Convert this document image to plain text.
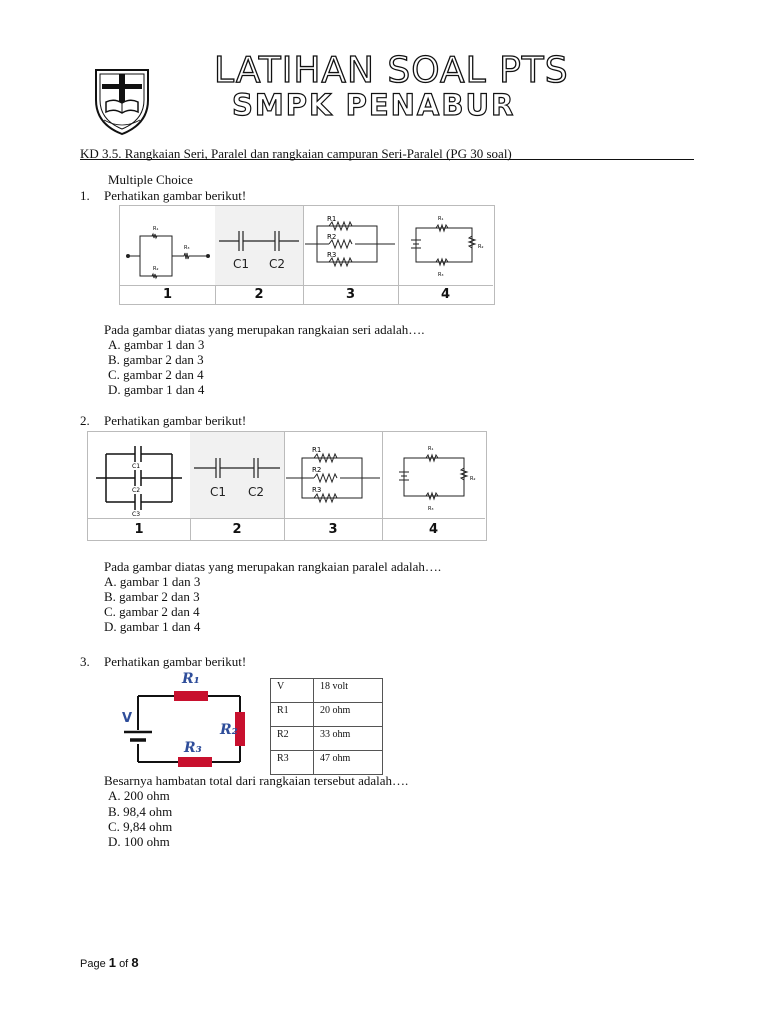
LATIHAN SOAL PTS
SMPK PENABUR
KD 3.5. Rangkaian Seri, Paralel dan rangkaian campuran Seri-Paralel (PG 30 soal)
Multiple Choice
1. Perhatikan gambar berikut!
R₁
R₂
R₃
C1 C2
R1
R2
R3
R₁
R₂
R₃
1	2	3	4
Pada gambar diatas yang merupakan rangkaian seri adalah….
A. gambar 1 dan 3
B. gambar 2 dan 3
C. gambar 2 dan 4
D. gambar 1 dan 4
2. Perhatikan gambar berikut!
C1
C2
C3
C1 C2
R1
R2
R3
R₁
R₂
R₃
1	2	3	4
Pada gambar diatas yang merupakan rangkaian paralel adalah….
A. gambar 1 dan 3
B. gambar 2 dan 3
C. gambar 2 dan 4
D. gambar 1 dan 4
3. Perhatikan gambar berikut!
V
R₁
R₂
R₃
V	18 volt
R1	20 ohm
R2	33 ohm
R3	47 ohm
Besarnya hambatan total dari rangkaian tersebut adalah….
A. 200 ohm
B. 98,4 ohm
C. 9,84 ohm
D. 100 ohm
Page 1 of 8
